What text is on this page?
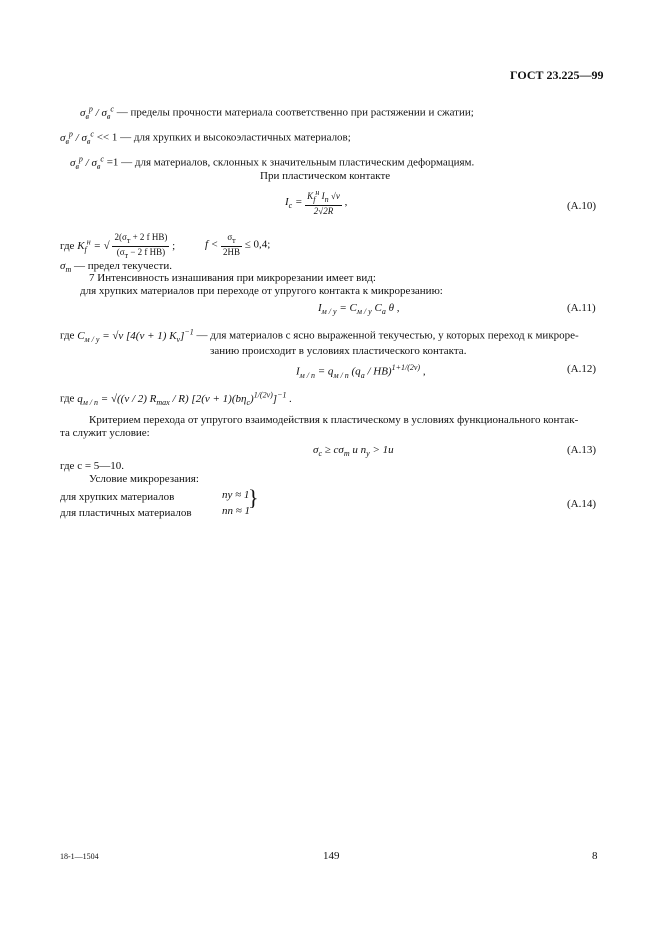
ГОСТ 23.225—99
$\sigma_в^р / \sigma_в^с$ — пределы прочности материала соответственно при растяжении и сжатии;
$\sigma_в^р / \sigma_в^с << 1$ — для хрупких и высокоэластичных материалов;
$\sigma_в^р / \sigma_в^с =1$ — для материалов, склонных к значительным пластическим деформациям.
При пластическом контакте
$I_с = \frac{K_f^н I_п √\nu}{2√2R}$ ,	(А.10)
где $K_f^н$ = √ $\frac{2(\sigma_т + 2 f HB)}{(\sigma_т - 2 f HB)}$ ;	$f < \frac{\sigma_т}{2HB} \le 0,4$;
$\sigma_т$ — предел текучести.
7 Интенсивность изнашивания при микрорезании имеет вид:
для хрупких материалов при переходе от упругого контакта к микрорезанию:
$I_{м / у} = C_{м / у}$ $C_а$ θ ,	(А.11)
где $C_{м / у} = √\nu$ [4(ν + 1) $K_\nu]^{-1}$ — для материалов с ясно выраженной текучестью, у которых переход к микроре-
занию происходит в условиях пластического контакта.
$I_{м / п} = q_{м / п}$ $(q_а / HB)^{1+1/(2\nu)}$ ,	(А.12)
где $q_{м / п} = √((\nu / 2)$ $R_{max} / R$) $[2(\nu + 1)(b\eta_с)^{1/(2\nu)}]^{-1}$ .
Критерием перехода от упругого взаимодействия к пластическому в условиях функционального контак-
та служит условие:
$\sigma_с \ge c\sigma_т$ и $n_у > 1и$	(А.13)
где c = 5—10.
Условие микрорезания:
для хрупких материалов	nу ≈ 1
для пластичных материалов	nп ≈ 1
}	(А.14)
18-1—1504	149	8
